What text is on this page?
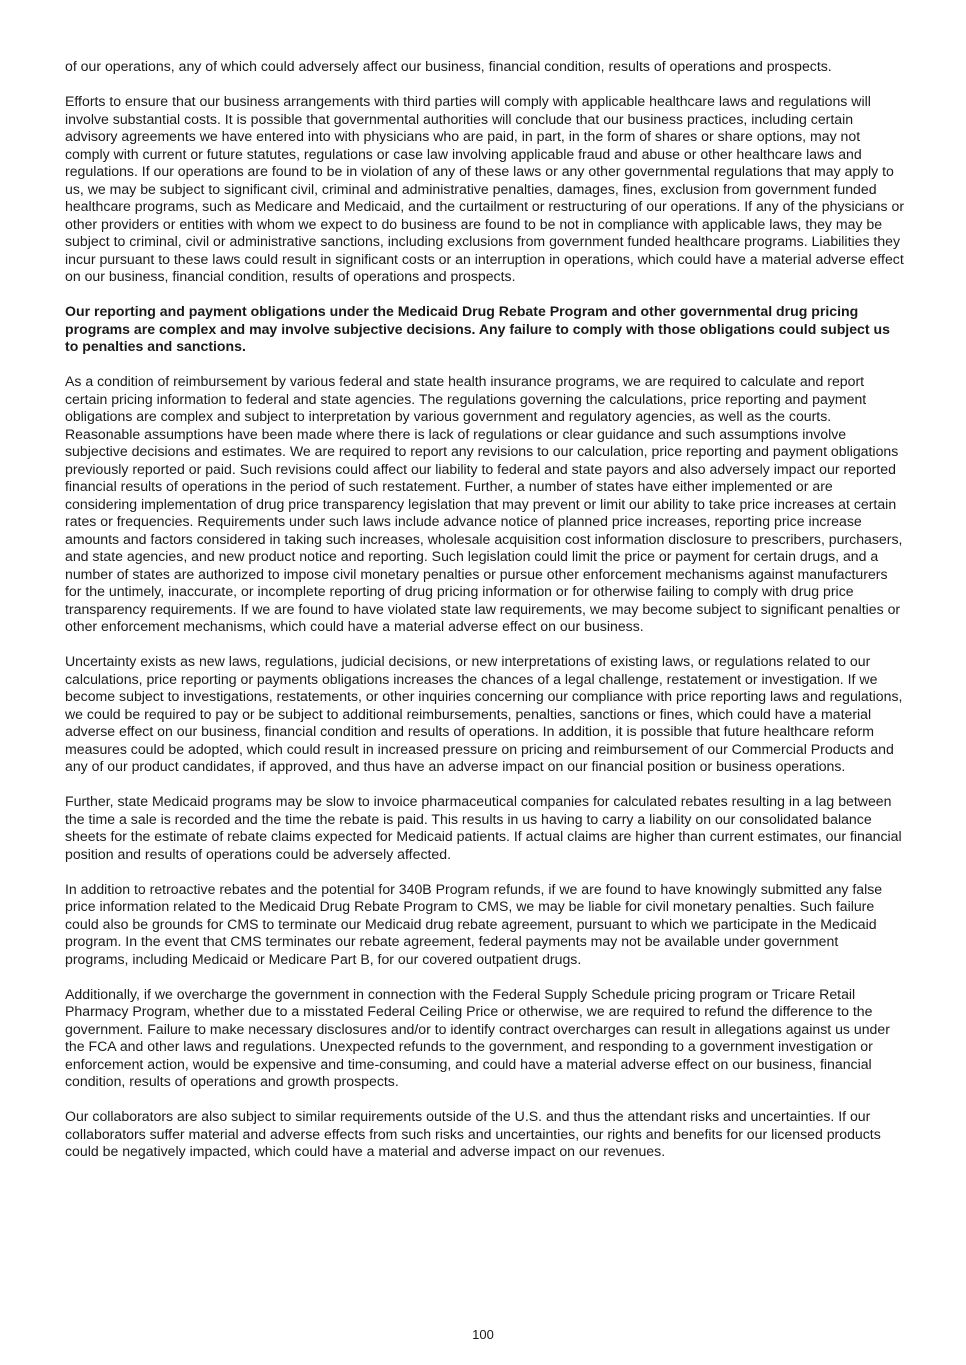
of our operations, any of which could adversely affect our business, financial condition, results of operations and prospects.

Efforts to ensure that our business arrangements with third parties will comply with applicable healthcare laws and regulations will involve substantial costs. It is possible that governmental authorities will conclude that our business practices, including certain advisory agreements we have entered into with physicians who are paid, in part, in the form of shares or share options, may not comply with current or future statutes, regulations or case law involving applicable fraud and abuse or other healthcare laws and regulations. If our operations are found to be in violation of any of these laws or any other governmental regulations that may apply to us, we may be subject to significant civil, criminal and administrative penalties, damages, fines, exclusion from government funded healthcare programs, such as Medicare and Medicaid, and the curtailment or restructuring of our operations. If any of the physicians or other providers or entities with whom we expect to do business are found to be not in compliance with applicable laws, they may be subject to criminal, civil or administrative sanctions, including exclusions from government funded healthcare programs. Liabilities they incur pursuant to these laws could result in significant costs or an interruption in operations, which could have a material adverse effect on our business, financial condition, results of operations and prospects.

Our reporting and payment obligations under the Medicaid Drug Rebate Program and other governmental drug pricing programs are complex and may involve subjective decisions. Any failure to comply with those obligations could subject us to penalties and sanctions.

As a condition of reimbursement by various federal and state health insurance programs, we are required to calculate and report certain pricing information to federal and state agencies. The regulations governing the calculations, price reporting and payment obligations are complex and subject to interpretation by various government and regulatory agencies, as well as the courts. Reasonable assumptions have been made where there is lack of regulations or clear guidance and such assumptions involve subjective decisions and estimates. We are required to report any revisions to our calculation, price reporting and payment obligations previously reported or paid. Such revisions could affect our liability to federal and state payors and also adversely impact our reported financial results of operations in the period of such restatement. Further, a number of states have either implemented or are considering implementation of drug price transparency legislation that may prevent or limit our ability to take price increases at certain rates or frequencies. Requirements under such laws include advance notice of planned price increases, reporting price increase amounts and factors considered in taking such increases, wholesale acquisition cost information disclosure to prescribers, purchasers, and state agencies, and new product notice and reporting. Such legislation could limit the price or payment for certain drugs, and a number of states are authorized to impose civil monetary penalties or pursue other enforcement mechanisms against manufacturers for the untimely, inaccurate, or incomplete reporting of drug pricing information or for otherwise failing to comply with drug price transparency requirements. If we are found to have violated state law requirements, we may become subject to significant penalties or other enforcement mechanisms, which could have a material adverse effect on our business.

Uncertainty exists as new laws, regulations, judicial decisions, or new interpretations of existing laws, or regulations related to our calculations, price reporting or payments obligations increases the chances of a legal challenge, restatement or investigation. If we become subject to investigations, restatements, or other inquiries concerning our compliance with price reporting laws and regulations, we could be required to pay or be subject to additional reimbursements, penalties, sanctions or fines, which could have a material adverse effect on our business, financial condition and results of operations. In addition, it is possible that future healthcare reform measures could be adopted, which could result in increased pressure on pricing and reimbursement of our Commercial Products and any of our product candidates, if approved, and thus have an adverse impact on our financial position or business operations.

Further, state Medicaid programs may be slow to invoice pharmaceutical companies for calculated rebates resulting in a lag between the time a sale is recorded and the time the rebate is paid. This results in us having to carry a liability on our consolidated balance sheets for the estimate of rebate claims expected for Medicaid patients. If actual claims are higher than current estimates, our financial position and results of operations could be adversely affected.

In addition to retroactive rebates and the potential for 340B Program refunds, if we are found to have knowingly submitted any false price information related to the Medicaid Drug Rebate Program to CMS, we may be liable for civil monetary penalties. Such failure could also be grounds for CMS to terminate our Medicaid drug rebate agreement, pursuant to which we participate in the Medicaid program. In the event that CMS terminates our rebate agreement, federal payments may not be available under government programs, including Medicaid or Medicare Part B, for our covered outpatient drugs.

Additionally, if we overcharge the government in connection with the Federal Supply Schedule pricing program or Tricare Retail Pharmacy Program, whether due to a misstated Federal Ceiling Price or otherwise, we are required to refund the difference to the government. Failure to make necessary disclosures and/or to identify contract overcharges can result in allegations against us under the FCA and other laws and regulations. Unexpected refunds to the government, and responding to a government investigation or enforcement action, would be expensive and time-consuming, and could have a material adverse effect on our business, financial condition, results of operations and growth prospects.

Our collaborators are also subject to similar requirements outside of the U.S. and thus the attendant risks and uncertainties. If our collaborators suffer material and adverse effects from such risks and uncertainties, our rights and benefits for our licensed products could be negatively impacted, which could have a material and adverse impact on our revenues.

100
